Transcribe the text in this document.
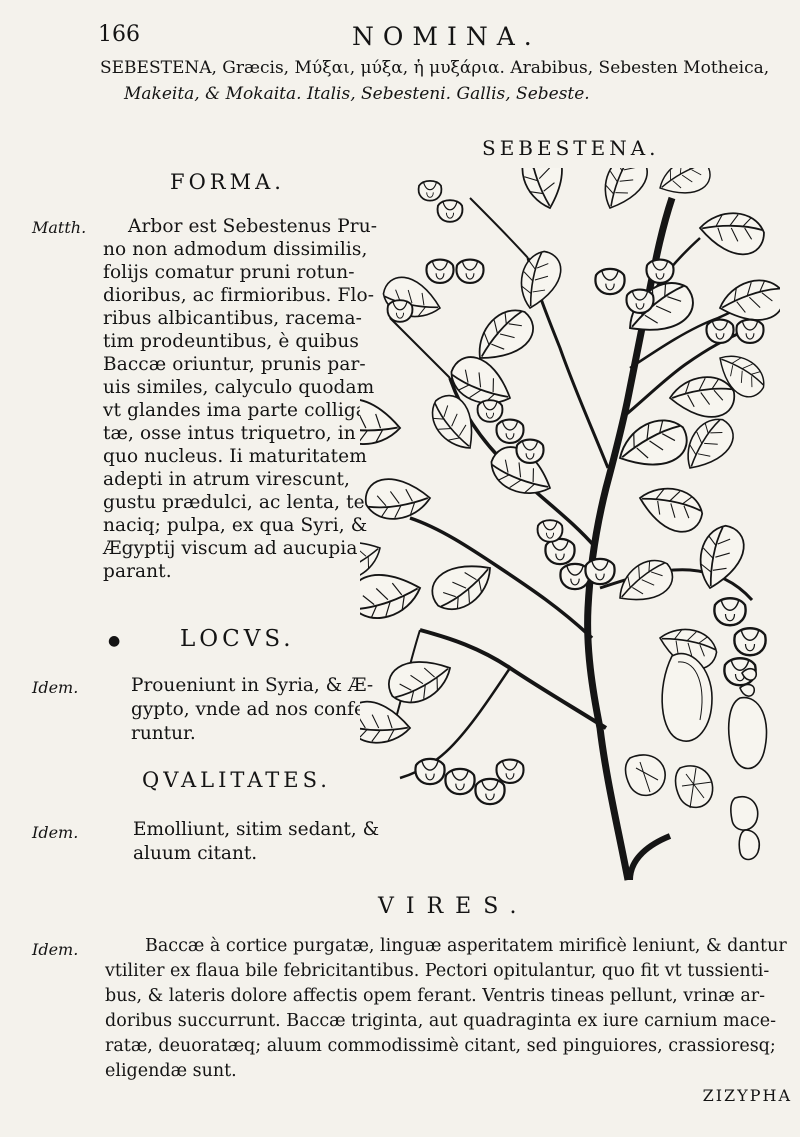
166	NOMINA.
SEBESTENA, Græcis, Μύξαι, μύξα, ἡ μυξάρια. Arabibus, Sebesten Motheica,
Makeita, & Mokaita. Italis, Sebesteni. Gallis, Sebeste.
SEBESTENA.
FORMA.
Matth. Arbor est Sebestenus Pru-
no non admodum dissimilis,
folijs comatur pruni rotun-
dioribus, ac firmioribus. Flo-
ribus albicantibus, racema-
tim prodeuntibus, è quibus
Baccæ oriuntur, prunis par-
uis similes, calyculo quodam
vt glandes ima parte colliga-
tæ, osse intus triquetro, in
quo nucleus. Ii maturitatem
adepti in atrum virescunt,
gustu prædulci, ac lenta, te-
naciq; pulpa, ex qua Syri, &
Ægyptij viscum ad aucupia
parant.
●	LOCVS.
Idem.	Proueniunt in Syria, & Æ-
gypto, vnde ad nos confe-
runtur.
QVALITATES.
Idem.	Emolliunt, sitim sedant, &
aluum citant.
VIRES.
Idem.	Baccæ à cortice purgatæ, linguæ asperitatem mirificè leniunt, & dantur
vtiliter ex flaua bile febricitantibus. Pectori opitulantur, quo fit vt tussienti-
bus, & lateris dolore affectis opem ferant. Ventris tineas pellunt, vrinæ ar-
doribus succurrunt. Baccæ triginta, aut quadraginta ex iure carnium mace-
ratæ, deuoratæq; aluum commodissimè citant, sed pinguiores, crassioresq;
eligendæ sunt.
ZIZYPHA
